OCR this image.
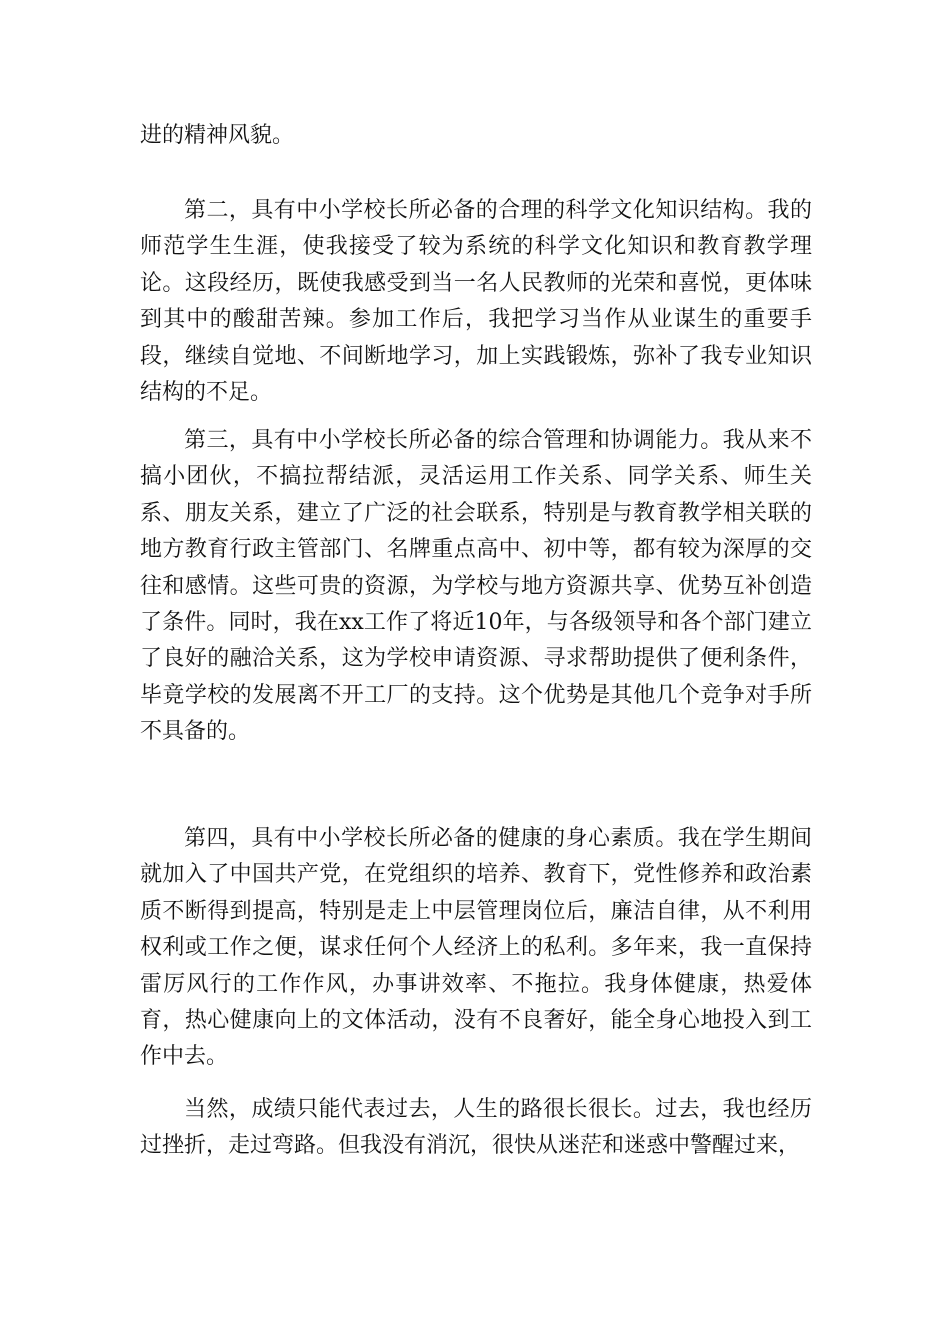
进的精神风貌。

第二，具有中小学校长所必备的合理的科学文化知识结构。我的师范学生生涯，使我接受了较为系统的科学文化知识和教育教学理论。这段经历，既使我感受到当一名人民教师的光荣和喜悦，更体味到其中的酸甜苦辣。参加工作后，我把学习当作从业谋生的重要手段，继续自觉地、不间断地学习，加上实践锻炼，弥补了我专业知识结构的不足。

第三，具有中小学校长所必备的综合管理和协调能力。我从来不搞小团伙，不搞拉帮结派，灵活运用工作关系、同学关系、师生关系、朋友关系，建立了广泛的社会联系，特别是与教育教学相关联的地方教育行政主管部门、名牌重点高中、初中等，都有较为深厚的交往和感情。这些可贵的资源，为学校与地方资源共享、优势互补创造了条件。同时，我在xx工作了将近10年，与各级领导和各个部门建立了良好的融洽关系，这为学校申请资源、寻求帮助提供了便利条件，毕竟学校的发展离不开工厂的支持。这个优势是其他几个竞争对手所不具备的。

第四，具有中小学校长所必备的健康的身心素质。我在学生期间就加入了中国共产党，在党组织的培养、教育下，党性修养和政治素质不断得到提高，特别是走上中层管理岗位后，廉洁自律，从不利用权利或工作之便，谋求任何个人经济上的私利。多年来，我一直保持雷厉风行的工作作风，办事讲效率、不拖拉。我身体健康，热爱体育，热心健康向上的文体活动，没有不良奢好，能全身心地投入到工作中去。

当然，成绩只能代表过去，人生的路很长很长。过去，我也经历过挫折，走过弯路。但我没有消沉，很快从迷茫和迷惑中警醒过来，
